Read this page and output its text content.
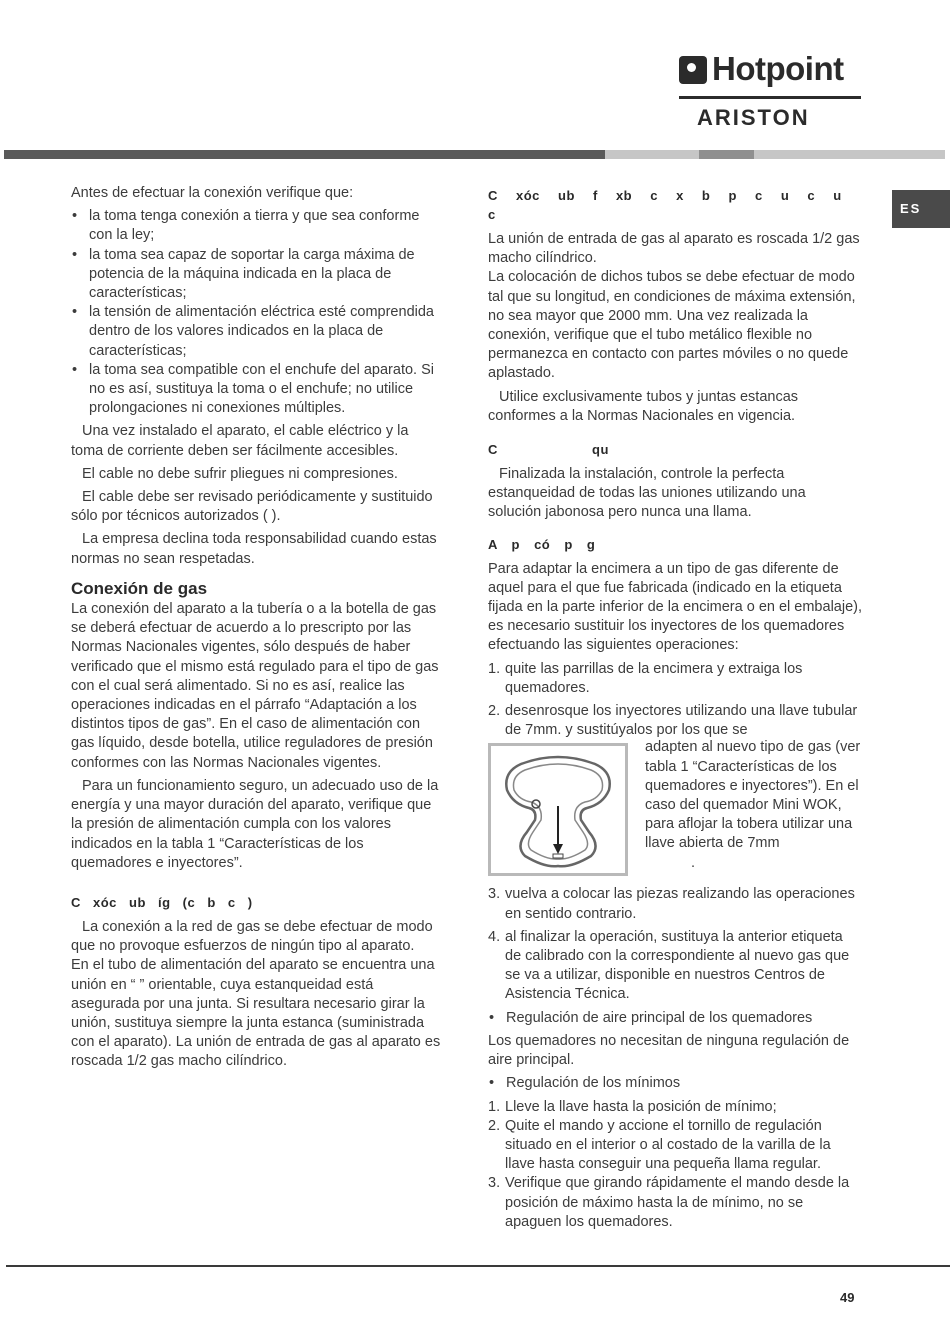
Hotpoint
ARISTON
ES

Antes de efectuar la conexión verifique que:

• la toma tenga conexión a tierra y que sea conforme con la ley;
• la toma sea capaz de soportar la carga máxima de potencia de la máquina indicada en la placa de características;
• la tensión de alimentación eléctrica esté comprendida dentro de los valores indicados en la placa de características;
• la toma sea compatible con el enchufe del aparato. Si no es así, sustituya la toma o el enchufe; no utilice prolongaciones ni conexiones múltiples.

Una vez instalado el aparato, el cable eléctrico y la toma de corriente deben ser fácilmente accesibles.

El cable no debe sufrir pliegues ni compresiones.

El cable debe ser revisado periódicamente y sustituido sólo por técnicos autorizados ( ).

La empresa declina toda responsabilidad cuando estas normas no sean respetadas.

Conexión de gas

La conexión del aparato a la tubería o a la botella de gas se deberá efectuar de acuerdo a lo prescripto por las Normas Nacionales vigentes, sólo después de haber verificado que el mismo está regulado para el tipo de gas con el cual será alimentado. Si no es así, realice las operaciones indicadas en el párrafo “Adaptación a los distintos tipos de gas”. En el caso de alimentación con gas líquido, desde botella, utilice reguladores de presión conformes con las Normas Nacionales vigentes.

Para un funcionamiento seguro, un adecuado uso de la energía y una mayor duración del aparato, verifique que la presión de alimentación cumpla con los valores indicados en la tabla 1 “Características de los quemadores e inyectores”.

C xóc ub íg (c b c )

La conexión a la red de gas se debe efectuar de modo que no provoque esfuerzos de ningún tipo al aparato.

En el tubo de alimentación del aparato se encuentra una unión en “ ” orientable, cuya estanqueidad está asegurada por una junta. Si resultara necesario girar la unión, sustituya siempre la junta estanca (suministrada con el aparato). La unión de entrada de gas al aparato es roscada 1/2 gas macho cilíndrico.

C xóc ub f xb c x b p c u c u c

La unión de entrada de gas al aparato es roscada 1/2 gas macho cilíndrico.

La colocación de dichos tubos se debe efectuar de modo tal que su longitud, en condiciones de máxima extensión, no sea mayor que 2000 mm. Una vez realizada la conexión, verifique que el tubo metálico flexible no permanezca en contacto con partes móviles o no quede aplastado.

Utilice exclusivamente tubos y juntas estancas conformes a la Normas Nacionales en vigencia.

C qu

Finalizada la instalación, controle la perfecta estanqueidad de todas las uniones utilizando una solución jabonosa pero nunca una llama.

A p có p g

Para adaptar la encimera a un tipo de gas diferente de aquel para el que fue fabricada (indicado en la etiqueta fijada en la parte inferior de la encimera o en el embalaje), es necesario sustituir los inyectores de los quemadores efectuando las siguientes operaciones:

1. quite las parrillas de la encimera y extraiga los quemadores.
2. desenrosque los inyectores utilizando una llave tubular de 7mm. y sustitúyalos por los que se
adapten al nuevo tipo de gas (ver tabla 1 “Características de los quemadores e inyectores”). En el caso del quemador Mini WOK, para aflojar la tobera utilizar una llave abierta de 7mm
.
3. vuelva a colocar las piezas realizando las operaciones en sentido contrario.
4. al finalizar la operación, sustituya la anterior etiqueta de calibrado con la correspondiente al nuevo gas que se va a utilizar, disponible en nuestros Centros de Asistencia Técnica.
• Regulación de aire principal de los quemadores

Los quemadores no necesitan de ninguna regulación de aire principal.

• Regulación de los mínimos
1. Lleve la llave hasta la posición de mínimo;
2. Quite el mando y accione el tornillo de regulación situado en el interior o al costado de la varilla de la llave hasta conseguir una pequeña llama regular.
3. Verifique que girando rápidamente el mando desde la posición de máximo hasta la de mínimo, no se apaguen los quemadores.
49
